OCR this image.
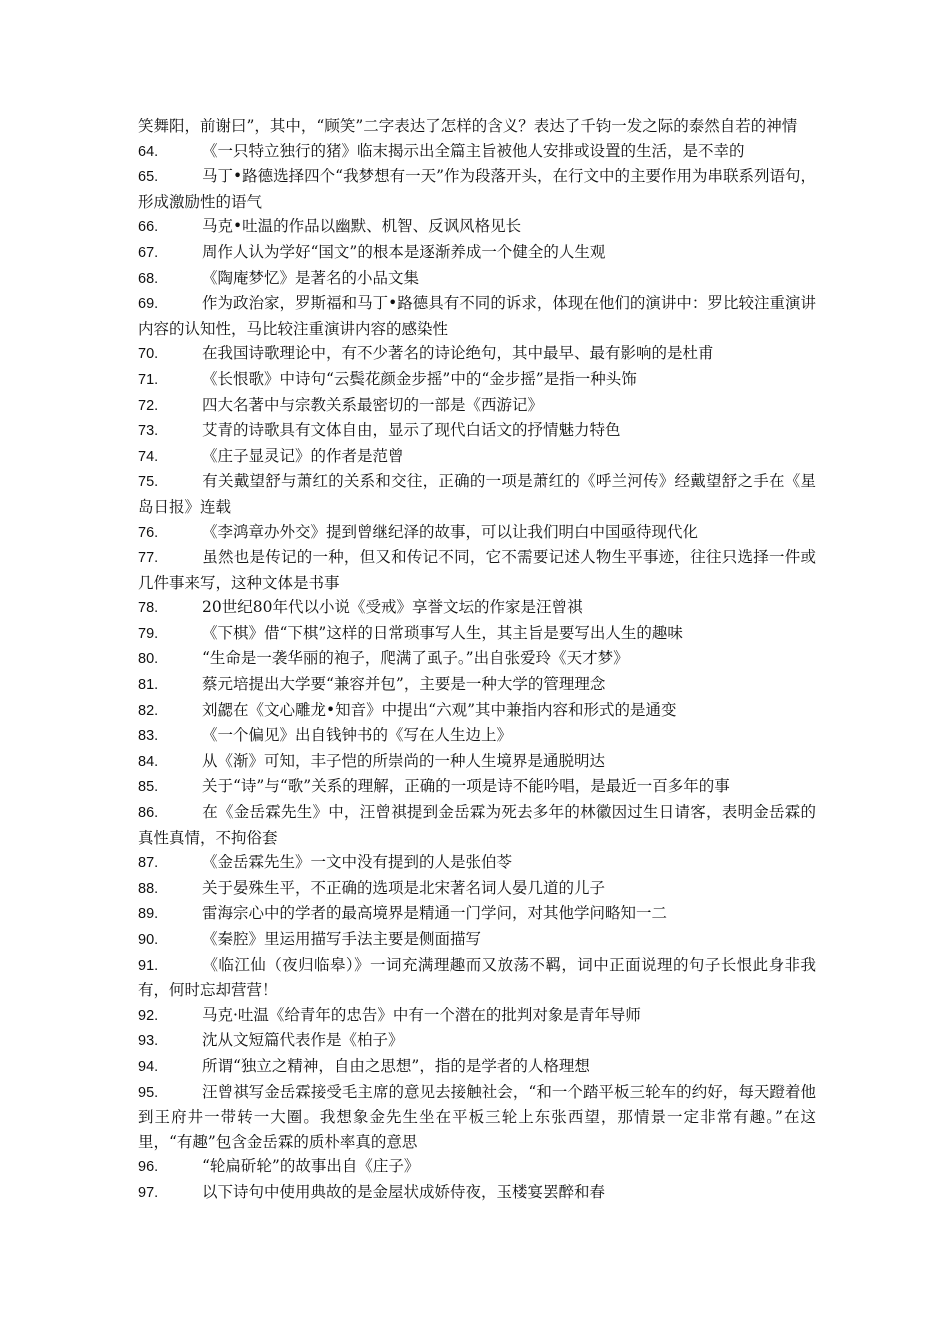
笑舞阳，前谢曰”，其中，“顾笑”二字表达了怎样的含义？表达了千钧一发之际的泰然自若的神情

64.	《一只特立独行的猪》临末揭示出全篇主旨被他人安排或设置的生活，是不幸的
65.	马丁•路德选择四个“我梦想有一天”作为段落开头，在行文中的主要作用为串联系列语句，形成激励性的语气
66.	马克•吐温的作品以幽默、机智、反讽风格见长
67.	周作人认为学好“国文”的根本是逐渐养成一个健全的人生观
68.	《陶庵梦忆》是著名的小品文集
69.	作为政治家，罗斯福和马丁•路德具有不同的诉求，体现在他们的演讲中：罗比较注重演讲内容的认知性，马比较注重演讲内容的感染性
70.	在我国诗歌理论中，有不少著名的诗论绝句，其中最早、最有影响的是杜甫
71.	《长恨歌》中诗句“云鬓花颜金步摇”中的“金步摇”是指一种头饰
72.	四大名著中与宗教关系最密切的一部是《西游记》
73.	艾青的诗歌具有文体自由，显示了现代白话文的抒情魅力特色
74.	《庄子显灵记》的作者是范曾
75.	有关戴望舒与萧红的关系和交往，正确的一项是萧红的《呼兰河传》经戴望舒之手在《星岛日报》连载
76.	《李鸿章办外交》提到曾继纪泽的故事，可以让我们明白中国亟待现代化
77.	虽然也是传记的一种，但又和传记不同，它不需要记述人物生平事迹，往往只选择一件或几件事来写，这种文体是书事
78.	20世纪80年代以小说《受戒》享誉文坛的作家是汪曾祺
79.	《下棋》借“下棋”这样的日常琐事写人生，其主旨是要写出人生的趣味
80.	“生命是一袭华丽的袍子，爬满了虱子。”出自张爱玲《天才梦》
81.	蔡元培提出大学要“兼容并包”，主要是一种大学的管理理念
82.	刘勰在《文心雕龙•知音》中提出“六观”其中兼指内容和形式的是通变
83.	《一个偏见》出自钱钟书的《写在人生边上》
84.	从《渐》可知，丰子恺的所崇尚的一种人生境界是通脱明达
85.	关于“诗”与“歌”关系的理解，正确的一项是诗不能吟唱，是最近一百多年的事
86.	在《金岳霖先生》中，汪曾祺提到金岳霖为死去多年的林徽因过生日请客，表明金岳霖的真性真情，不拘俗套
87.	《金岳霖先生》一文中没有提到的人是张伯苓
88.	关于晏殊生平，不正确的选项是北宋著名词人晏几道的儿子
89.	雷海宗心中的学者的最高境界是精通一门学问，对其他学问略知一二
90.	《秦腔》里运用描写手法主要是侧面描写
91.	《临江仙（夜归临皋）》一词充满理趣而又放荡不羁，词中正面说理的句子长恨此身非我有，何时忘却营营！
92.	马克·吐温《给青年的忠告》中有一个潜在的批判对象是青年导师
93.	沈从文短篇代表作是《柏子》
94.	所谓“独立之精神，自由之思想”，指的是学者的人格理想
95.	汪曾祺写金岳霖接受毛主席的意见去接触社会，“和一个踏平板三轮车的约好，每天蹬着他到王府井一带转一大圈。我想象金先生坐在平板三轮上东张西望，那情景一定非常有趣。”在这里，“有趣”包含金岳霖的质朴率真的意思
96.	“轮扁斫轮”的故事出自《庄子》
97.	以下诗句中使用典故的是金屋状成娇侍夜，玉楼宴罢醉和春
